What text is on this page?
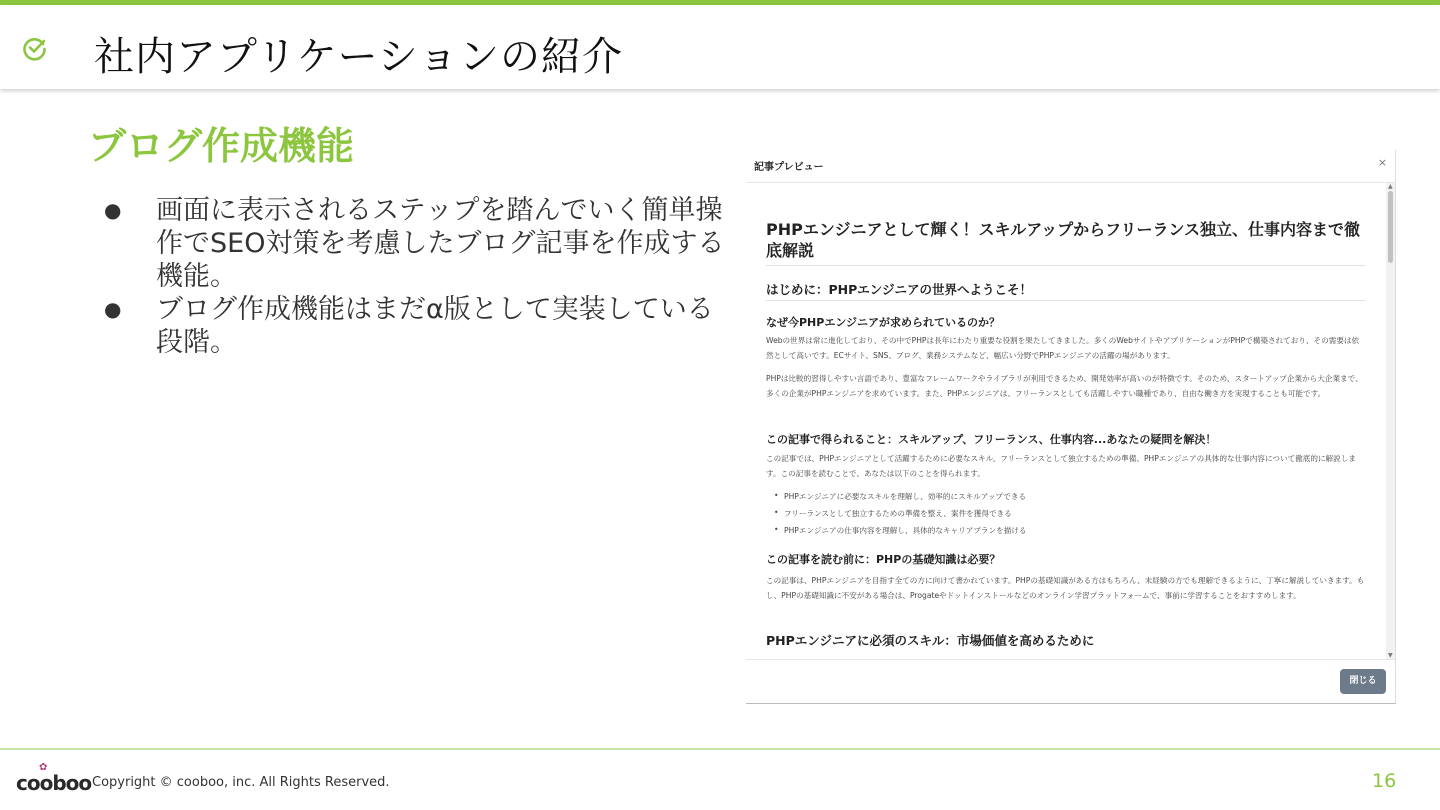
社内アプリケーションの紹介
ブログ作成機能
● 画面に表示されるステップを踏んでいく簡単操作でSEO対策を考慮したブログ記事を作成する機能。
● ブログ作成機能はまだα版として実装している段階。
記事プレビュー	×
PHPエンジニアとして輝く！スキルアップからフリーランス独立、仕事内容まで徹底解説
はじめに：PHPエンジニアの世界へようこそ！
なぜ今PHPエンジニアが求められているのか？
Webの世界は常に進化しており、その中でPHPは長年にわたり重要な役割を果たしてきました。多くのWebサイトやアプリケーションがPHPで構築されており、その需要は依然として高いです。ECサイト、SNS、ブログ、業務システムなど、幅広い分野でPHPエンジニアの活躍の場があります。
PHPは比較的習得しやすい言語であり、豊富なフレームワークやライブラリが利用できるため、開発効率が高いのが特徴です。そのため、スタートアップ企業から大企業まで、多くの企業がPHPエンジニアを求めています。また、PHPエンジニアは、フリーランスとしても活躍しやすい職種であり、自由な働き方を実現することも可能です。
この記事で得られること：スキルアップ、フリーランス、仕事内容...あなたの疑問を解決！
この記事では、PHPエンジニアとして活躍するために必要なスキル、フリーランスとして独立するための準備、PHPエンジニアの具体的な仕事内容について徹底的に解説します。この記事を読むことで、あなたは以下のことを得られます。
• PHPエンジニアに必要なスキルを理解し、効率的にスキルアップできる
• フリーランスとして独立するための準備を整え、案件を獲得できる
• PHPエンジニアの仕事内容を理解し、具体的なキャリアプランを描ける
この記事を読む前に：PHPの基礎知識は必要？
この記事は、PHPエンジニアを目指す全ての方に向けて書かれています。PHPの基礎知識がある方はもちろん、未経験の方でも理解できるように、丁寧に解説していきます。もし、PHPの基礎知識に不安がある場合は、Progateやドットインストールなどのオンライン学習プラットフォームで、事前に学習することをおすすめします。
PHPエンジニアに必須のスキル：市場価値を高めるために
▲
▼
閉じる
✿
cooboo Copyright © cooboo, inc. All Rights Reserved.	16
